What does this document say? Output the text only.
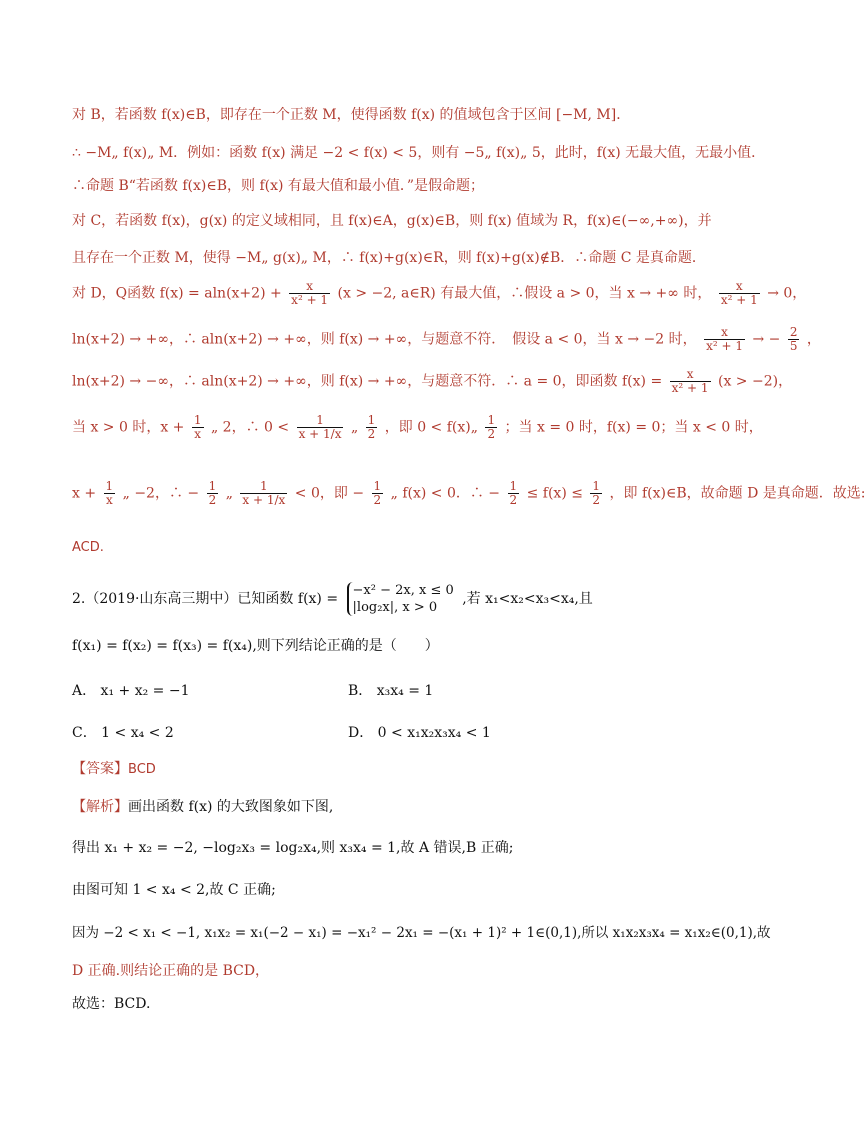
对 B，若函数 f(x)∈B，即存在一个正数 M，使得函数 f(x) 的值域包含于区间 [−M, M]．
∴ −M„ f(x)„ M．例如：函数 f(x) 满足 −2 < f(x) < 5，则有 −5„ f(x)„ 5，此时，f(x) 无最大值，无最小值．
∴命题 B“若函数 f(x)∈B，则 f(x) 有最大值和最小值．”是假命题；
对 C，若函数 f(x)，g(x) 的定义域相同，且 f(x)∈A，g(x)∈B，则 f(x) 值域为 R，f(x)∈(−∞,+∞)，并
且存在一个正数 M，使得 −M„ g(x)„ M，∴ f(x)+g(x)∈R，则 f(x)+g(x)∉B．∴命题 C 是真命题．
对 D，Q函数 $f(x) = aln(x+2) + \frac{x}{\text{x² + 1}} (x > -2$, a∈R) 有最大值，∴假设 a > 0，当 x → +∞ 时， $\frac{x}{\text{x² + 1}} \to 0$，
ln(x+2) → +∞，∴ aln(x+2) → +∞，则 f(x) → +∞，与题意不符．　假设 a < 0，当 x → −2 时， $\frac{x}{\text{x² + 1}}$ → − $\frac{2}{5}$ ，
ln(x+2) → −∞，∴ aln(x+2) → +∞，则 f(x) → +∞，与题意不符．∴ a = 0，即函数 $f(x) = \frac{x}{\text{x² + 1}} (x > -2)$，
当 x > 0 时，$x + \frac{1}{x}$ „ 2，∴ $0 < \frac{1}{x + 1/x}$ „ $\frac{1}{2}$ ，即 0 < f(x)„ $\frac{1}{2}$ ；当 x = 0 时，f(x) = 0；当 x < 0 时，
$x + \frac{1}{x}$ „ −2，∴ − $\frac{1}{2}$ „ $\frac{1}{x + 1/x} < 0$，即 − $\frac{1}{2}$ „ f(x) < 0．∴ − $\frac{1}{2} \le f(x) \le \frac{1}{2}$ ，即 f(x)∈B，故命题 D 是真命题．故选:
ACD.
2.（2019·山东高三期中）已知函数 f(x) =
−x² − 2x, x ≤ 0
|log₂x|, x > 0
,若 x₁<x₂<x₃<x₄,且
f(x₁) = f(x₂) = f(x₃) = f(x₄),则下列结论正确的是（　　）
A． x₁ + x₂ = −1	B． x₃x₄ = 1
C． 1 < x₄ < 2	D． 0 < x₁x₂x₃x₄ < 1
【答案】BCD
【解析】画出函数 f(x) 的大致图象如下图,
得出 x₁ + x₂ = −2, −log₂x₃ = log₂x₄,则 x₃x₄ = 1,故 A 错误,B 正确;
由图可知 1 < x₄ < 2,故 C 正确;
因为 −2 < x₁ < −1, x₁x₂ = x₁(−2 − x₁) = −x₁² − 2x₁ = −(x₁ + 1)² + 1∈(0,1),所以 x₁x₂x₃x₄ = x₁x₂∈(0,1),故
D 正确.则结论正确的是 BCD，
故选：BCD.
